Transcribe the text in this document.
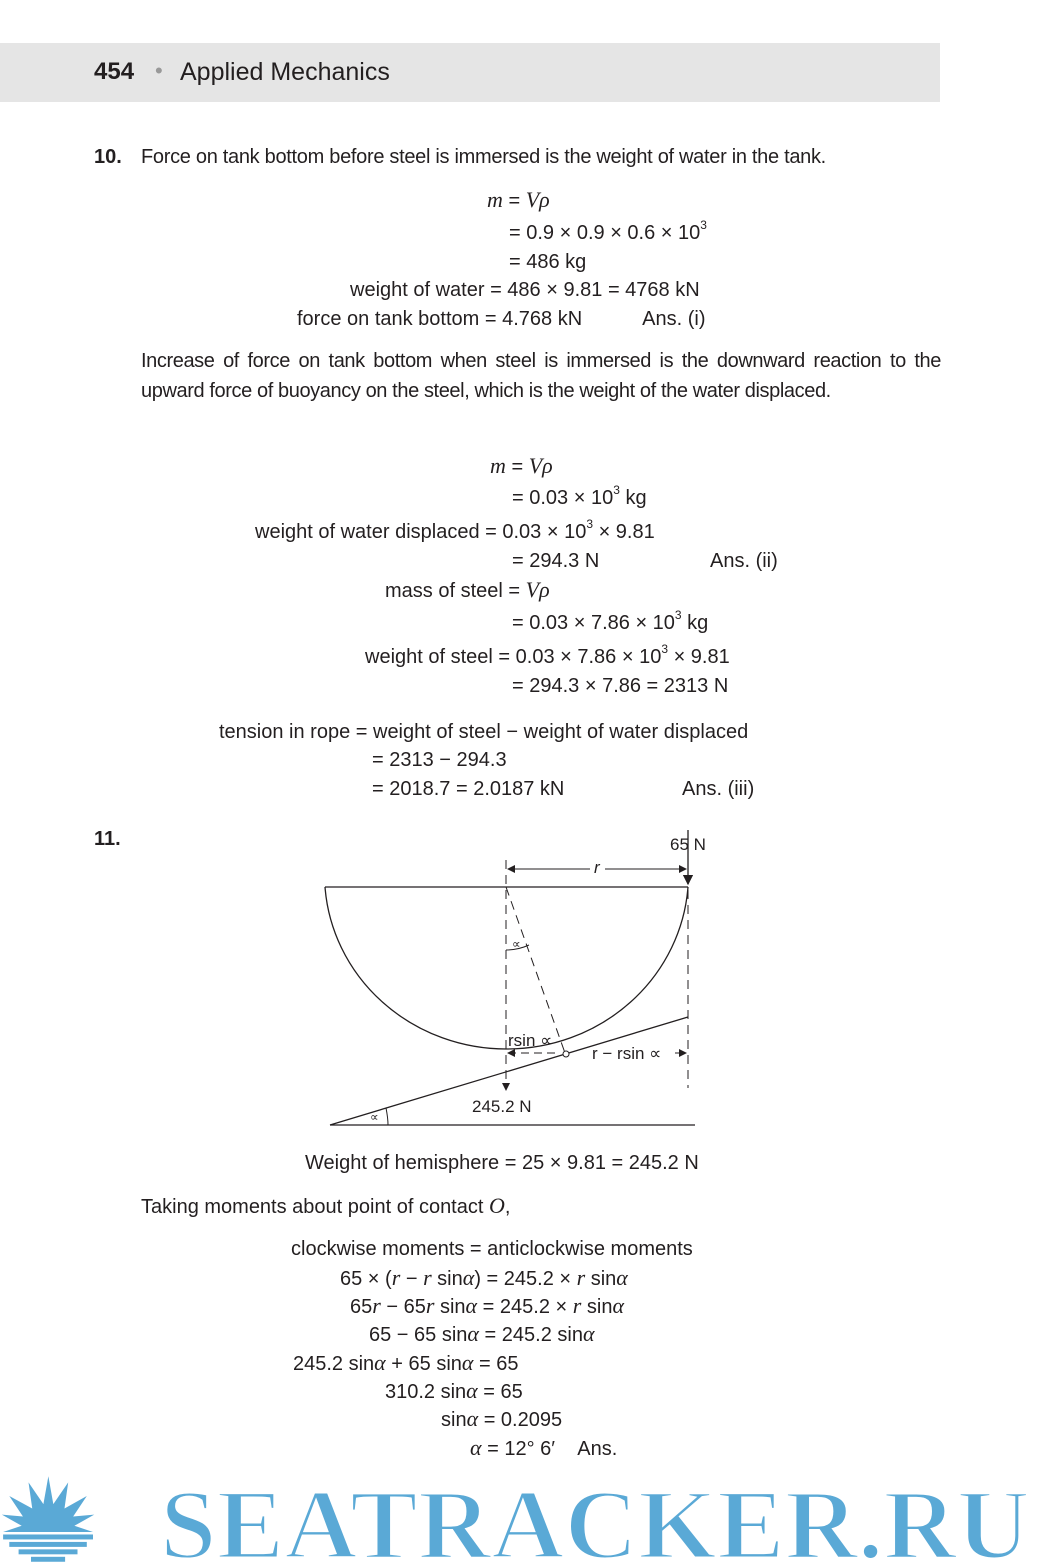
454 • Applied Mechanics
10. Force on tank bottom before steel is immersed is the weight of water in the tank.
m = Vρ
= $0.9 \times 0.9 \times 0.6 \times 10^3$
= 486 kg
weight of water = 486 × 9.81 = 4768 kN
force on tank bottom = 4.768 kN           Ans. (i)
Increase of force on tank bottom when steel is immersed is the downward reaction to the upward force of buoyancy on the steel, which is the weight of the water displaced.
m = Vρ
= $0.03 \times 10^3$ kg
weight of water displaced = $0.03 \times 10^3 \times 9.81$
= 294.3 N	Ans. (ii)
mass of steel = Vρ
= $0.03 \times 7.86 \times 10^3$ kg
weight of steel = $0.03 \times 7.86 \times 10^3 \times 9.81$
= 294.3 × 7.86 = 2313 N
tension in rope = weight of steel − weight of water displaced
= 2313 − 294.3
= 2018.7 = 2.0187 kN	Ans. (iii)
11.	65 N
r
∝
rsin ∝
r − rsin ∝
245.2 N
∝
Weight of hemisphere = 25 × 9.81 = 245.2 N
Taking moments about point of contact O,
clockwise moments = anticlockwise moments
65 × (r − r sinα) = 245.2 × r sinα
65r − 65r sinα = 245.2 × r sinα
65 − 65 sinα = 245.2 sinα
245.2 sinα + 65 sinα = 65
310.2 sinα = 65
sinα = 0.2095
α = 12° 6′    Ans.
SEATRACKER.RU
